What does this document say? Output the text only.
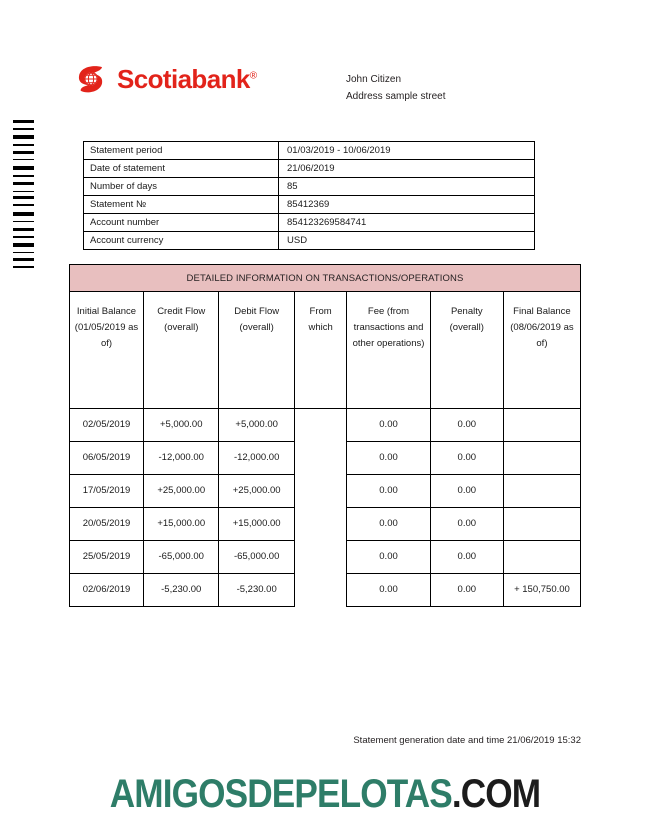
Scotiabank®	John Citizen
Address sample street
Statement period	01/03/2019 - 10/06/2019
Date of statement	21/06/2019
Number of days	85
Statement №	85412369
Account number	854123269584741
Account currency	USD
DETAILED INFORMATION ON TRANSACTIONS/OPERATIONS						
Initial Balance (01/05/2019 as of)	Credit Flow (overall)	Debit Flow (overall)	From which	Fee (from transactions and other operations)	Penalty (overall)	Final Balance (08/06/2019 as of)
02/05/2019	+5,000.00	+5,000.00		0.00	0.00	
06/05/2019	-12,000.00	-12,000.00		0.00	0.00	
17/05/2019	+25,000.00	+25,000.00		0.00	0.00	
20/05/2019	+15,000.00	+15,000.00		0.00	0.00	
25/05/2019	-65,000.00	-65,000.00		0.00	0.00	
02/06/2019	-5,230.00	-5,230.00		0.00	0.00	+ 150,750.00
Statement generation date and time 21/06/2019 15:32
AMIGOSDEPELOTAS.COM
